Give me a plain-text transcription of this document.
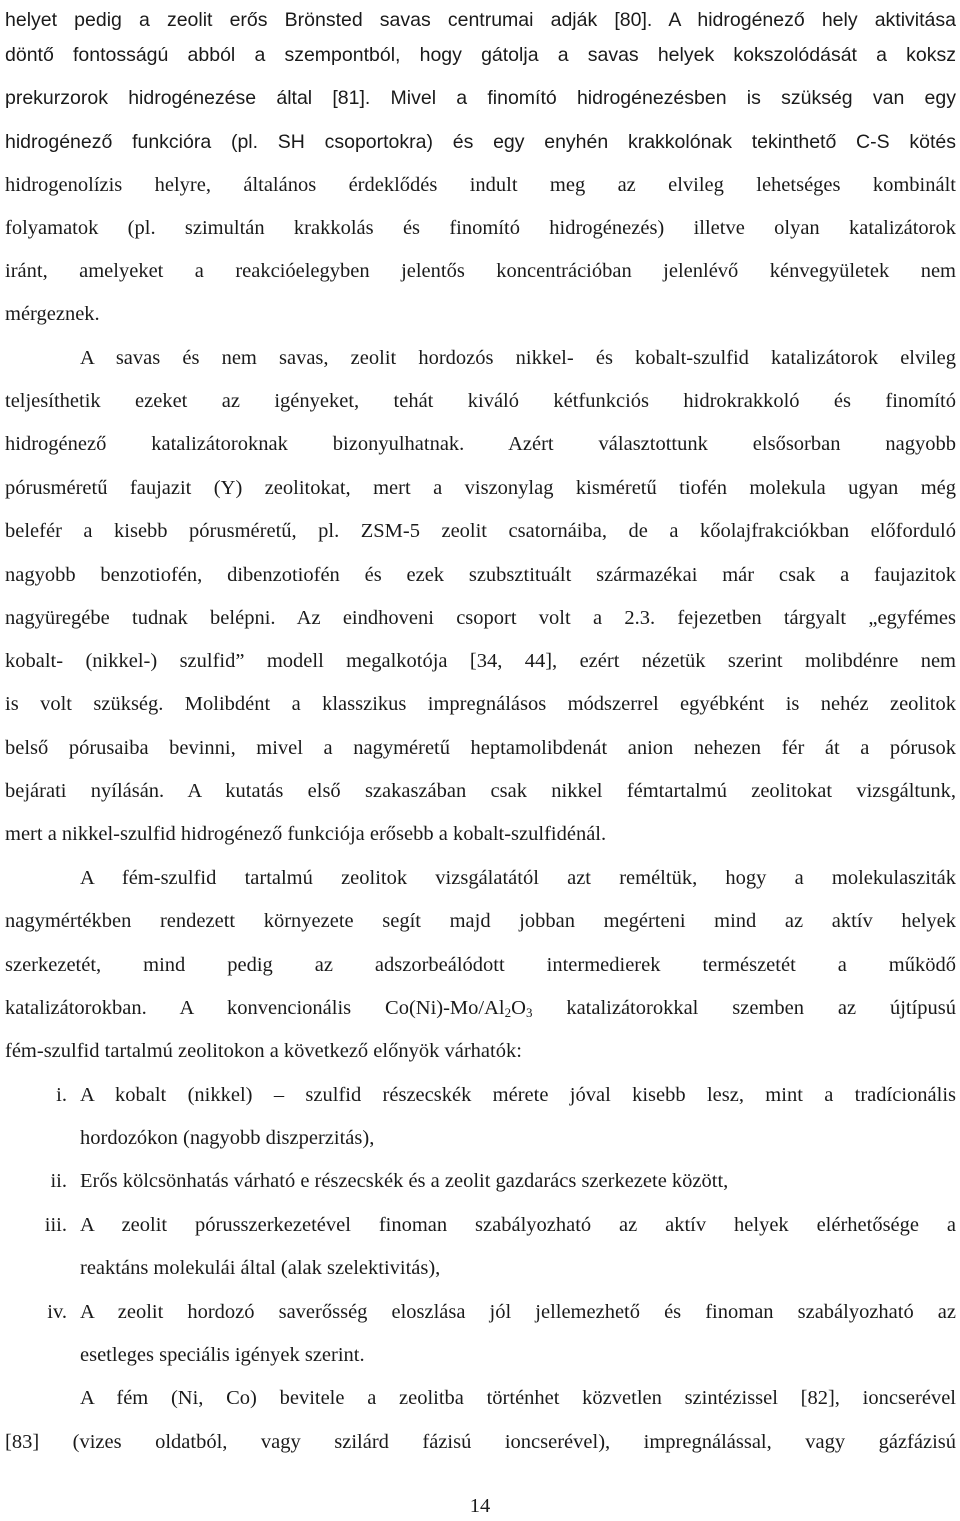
helyet pedig a zeolit erős Brönsted savas centrumai adják [80]. A hidrogénező hely aktivitása
döntő fontosságú abból a szempontból, hogy gátolja a savas helyek kokszolódását a koksz
prekurzorok hidrogénezése által [81]. Mivel a finomító hidrogénezésben is szükség van egy
hidrogénező funkcióra (pl. SH csoportokra) és egy enyhén krakkolónak tekinthető C-S kötés
hidrogenolízis helyre, általános érdeklődés indult meg az elvileg lehetséges kombinált
folyamatok (pl. szimultán krakkolás és finomító hidrogénezés) illetve olyan katalizátorok
iránt, amelyeket a reakcióelegyben jelentős koncentrációban jelenlévő kénvegyületek nem
mérgeznek.
A savas és nem savas, zeolit hordozós nikkel- és kobalt-szulfid katalizátorok elvileg
teljesíthetik ezeket az igényeket, tehát kiváló kétfunkciós hidrokrakkoló és finomító
hidrogénező katalizátoroknak bizonyulhatnak. Azért választottunk elsősorban nagyobb
pórusméretű faujazit (Y) zeolitokat, mert a viszonylag kisméretű tiofén molekula ugyan még
belefér a kisebb pórusméretű, pl. ZSM-5 zeolit csatornáiba, de a kőolajfrakciókban előforduló
nagyobb benzotiofén, dibenzotiofén és ezek szubsztituált származékai már csak a faujazitok
nagyüregébe tudnak belépni. Az eindhoveni csoport volt a 2.3. fejezetben tárgyalt „egyfémes
kobalt- (nikkel-) szulfid” modell megalkotója [34, 44], ezért nézetük szerint molibdénre nem
is volt szükség. Molibdént a klasszikus impregnálásos módszerrel egyébként is nehéz zeolitok
belső pórusaiba bevinni, mivel a nagyméretű heptamolibdenát anion nehezen fér át a pórusok
bejárati nyílásán. A kutatás első szakaszában csak nikkel fémtartalmú zeolitokat vizsgáltunk,
mert a nikkel-szulfid hidrogénező funkciója erősebb a kobalt-szulfidénál.
A fém-szulfid tartalmú zeolitok vizsgálatától azt reméltük, hogy a molekulasziták
nagymértékben rendezett környezete segít majd jobban megérteni mind az aktív helyek
szerkezetét, mind pedig az adszorbeálódott intermedierek természetét a működő
katalizátorokban. A konvencionális $Co(Ni)-Mo/Al_2O_3$ katalizátorokkal szemben az újtípusú
fém-szulfid tartalmú zeolitokon a következő előnyök várhatók:
i. A kobalt (nikkel) – szulfid részecskék mérete jóval kisebb lesz, mint a tradícionális
hordozókon (nagyobb diszperzitás),
ii. Erős kölcsönhatás várható e részecskék és a zeolit gazdarács szerkezete között,
iii. A zeolit pórusszerkezetével finoman szabályozható az aktív helyek elérhetősége a
reaktáns molekulái által (alak szelektivitás),
iv. A zeolit hordozó saverősség eloszlása jól jellemezhető és finoman szabályozható az
esetleges speciális igények szerint.
A fém (Ni, Co) bevitele a zeolitba történhet közvetlen szintézissel [82], ioncserével
[83] (vizes oldatból, vagy szilárd fázisú ioncserével), impregnálással, vagy gázfázisú
14
